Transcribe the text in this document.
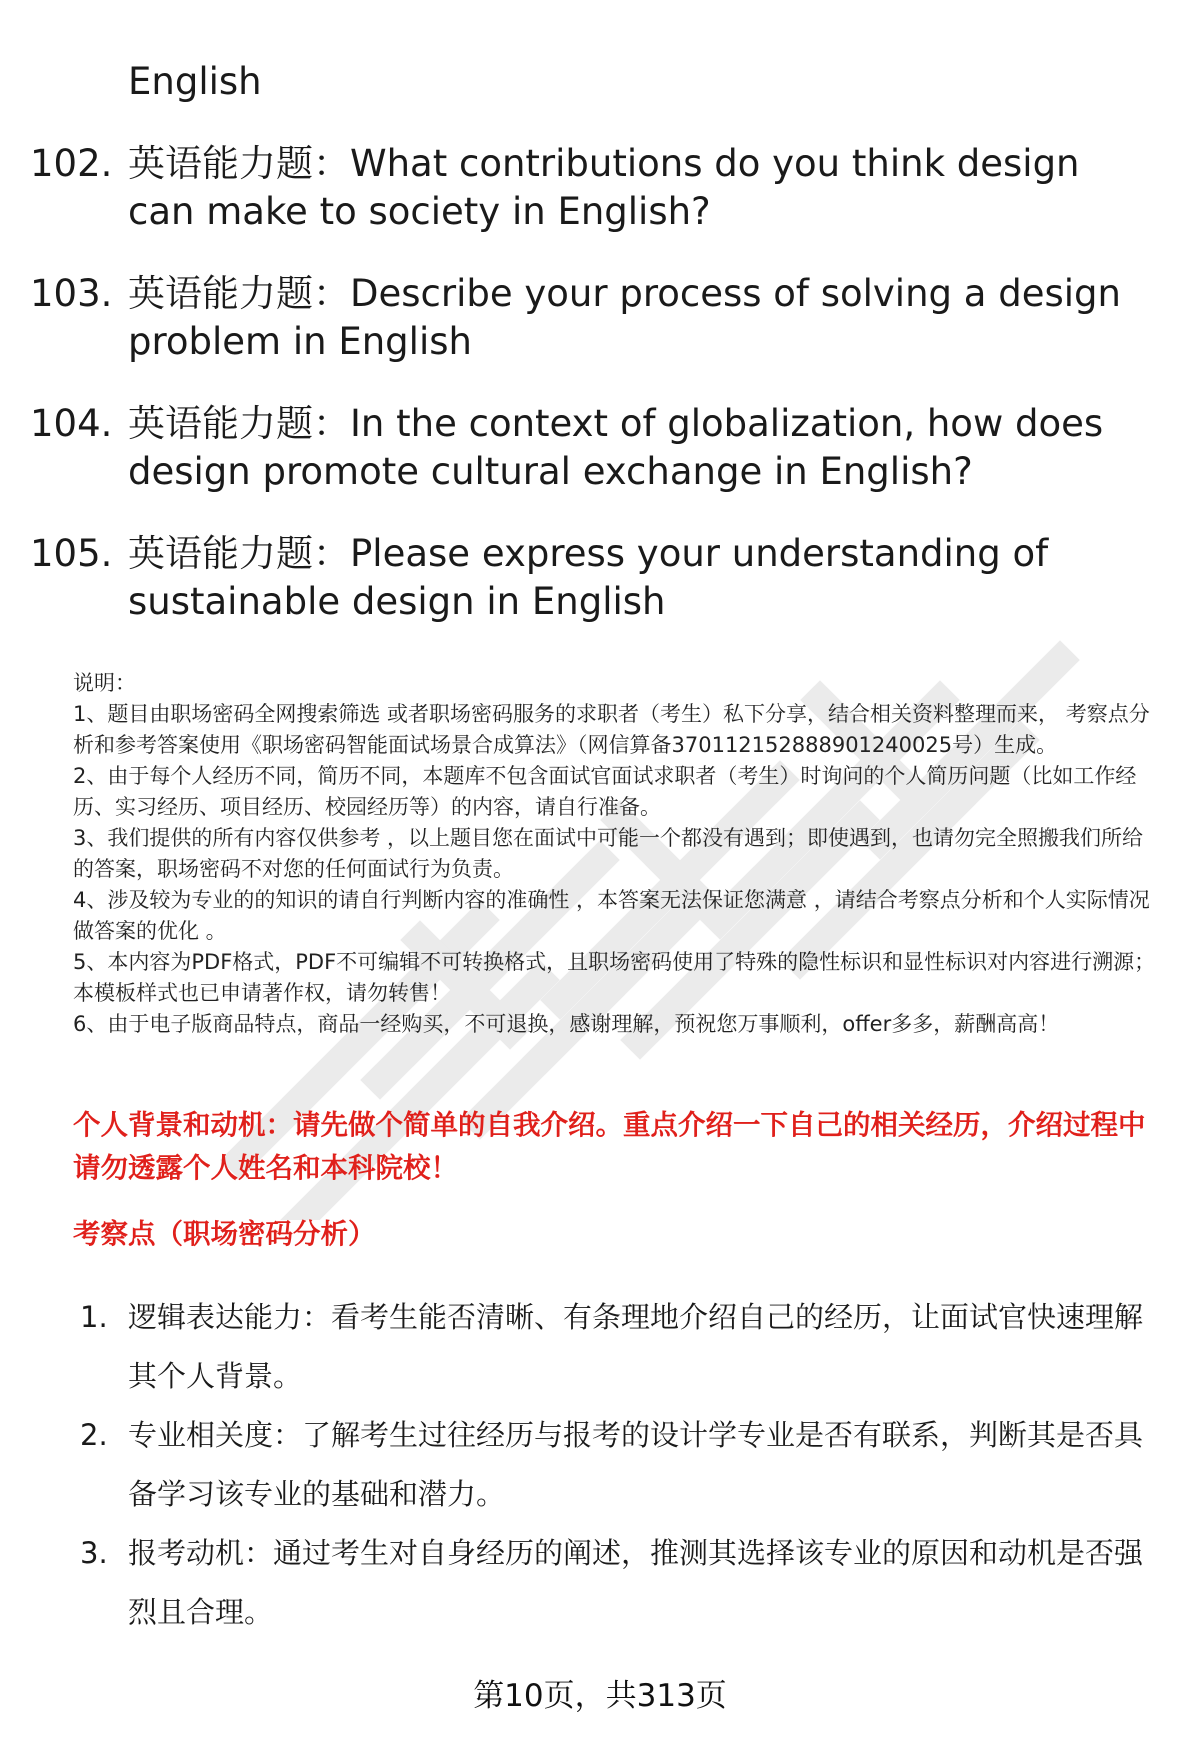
English
102. 英语能力题：What contributions do you think design can make to society in English?
103. 英语能力题：Describe your process of solving a design problem in English
104. 英语能力题：In the context of globalization, how does design promote cultural exchange in English?
105. 英语能力题：Please express your understanding of sustainable design in English

说明：

1、题目由职场密码全网搜索筛选 或者职场密码服务的求职者（考生）私下分享，结合相关资料整理而来， 考察点分析和参考答案使用《职场密码智能面试场景合成算法》（网信算备370112152888901240025号）生成。

2、由于每个人经历不同，简历不同，本题库不包含面试官面试求职者（考生）时询问的个人简历问题（比如工作经历、实习经历、项目经历、校园经历等）的内容，请自行准备。

3、我们提供的所有内容仅供参考 ，以上题目您在面试中可能一个都没有遇到；即使遇到，也请勿完全照搬我们所给的答案，职场密码不对您的任何面试行为负责。

4、涉及较为专业的的知识的请自行判断内容的准确性 ，本答案无法保证您满意 ，请结合考察点分析和个人实际情况做答案的优化 。

5、本内容为PDF格式，PDF不可编辑不可转换格式，且职场密码使用了特殊的隐性标识和显性标识对内容进行溯源；本模板样式也已申请著作权，请勿转售！

6、由于电子版商品特点，商品一经购买，不可退换，感谢理解，预祝您万事顺利，offer多多，薪酬高高！

个人背景和动机：请先做个简单的自我介绍。重点介绍一下自己的相关经历，介绍过程中请勿透露个人姓名和本科院校！
考察点（职场密码分析）
1. 逻辑表达能力：看考生能否清晰、有条理地介绍自己的经历，让面试官快速理解其个人背景。
2. 专业相关度：了解考生过往经历与报考的设计学专业是否有联系，判断其是否具备学习该专业的基础和潜力。
3. 报考动机：通过考生对自身经历的阐述，推测其选择该专业的原因和动机是否强烈且合理。
第10页，共313页
